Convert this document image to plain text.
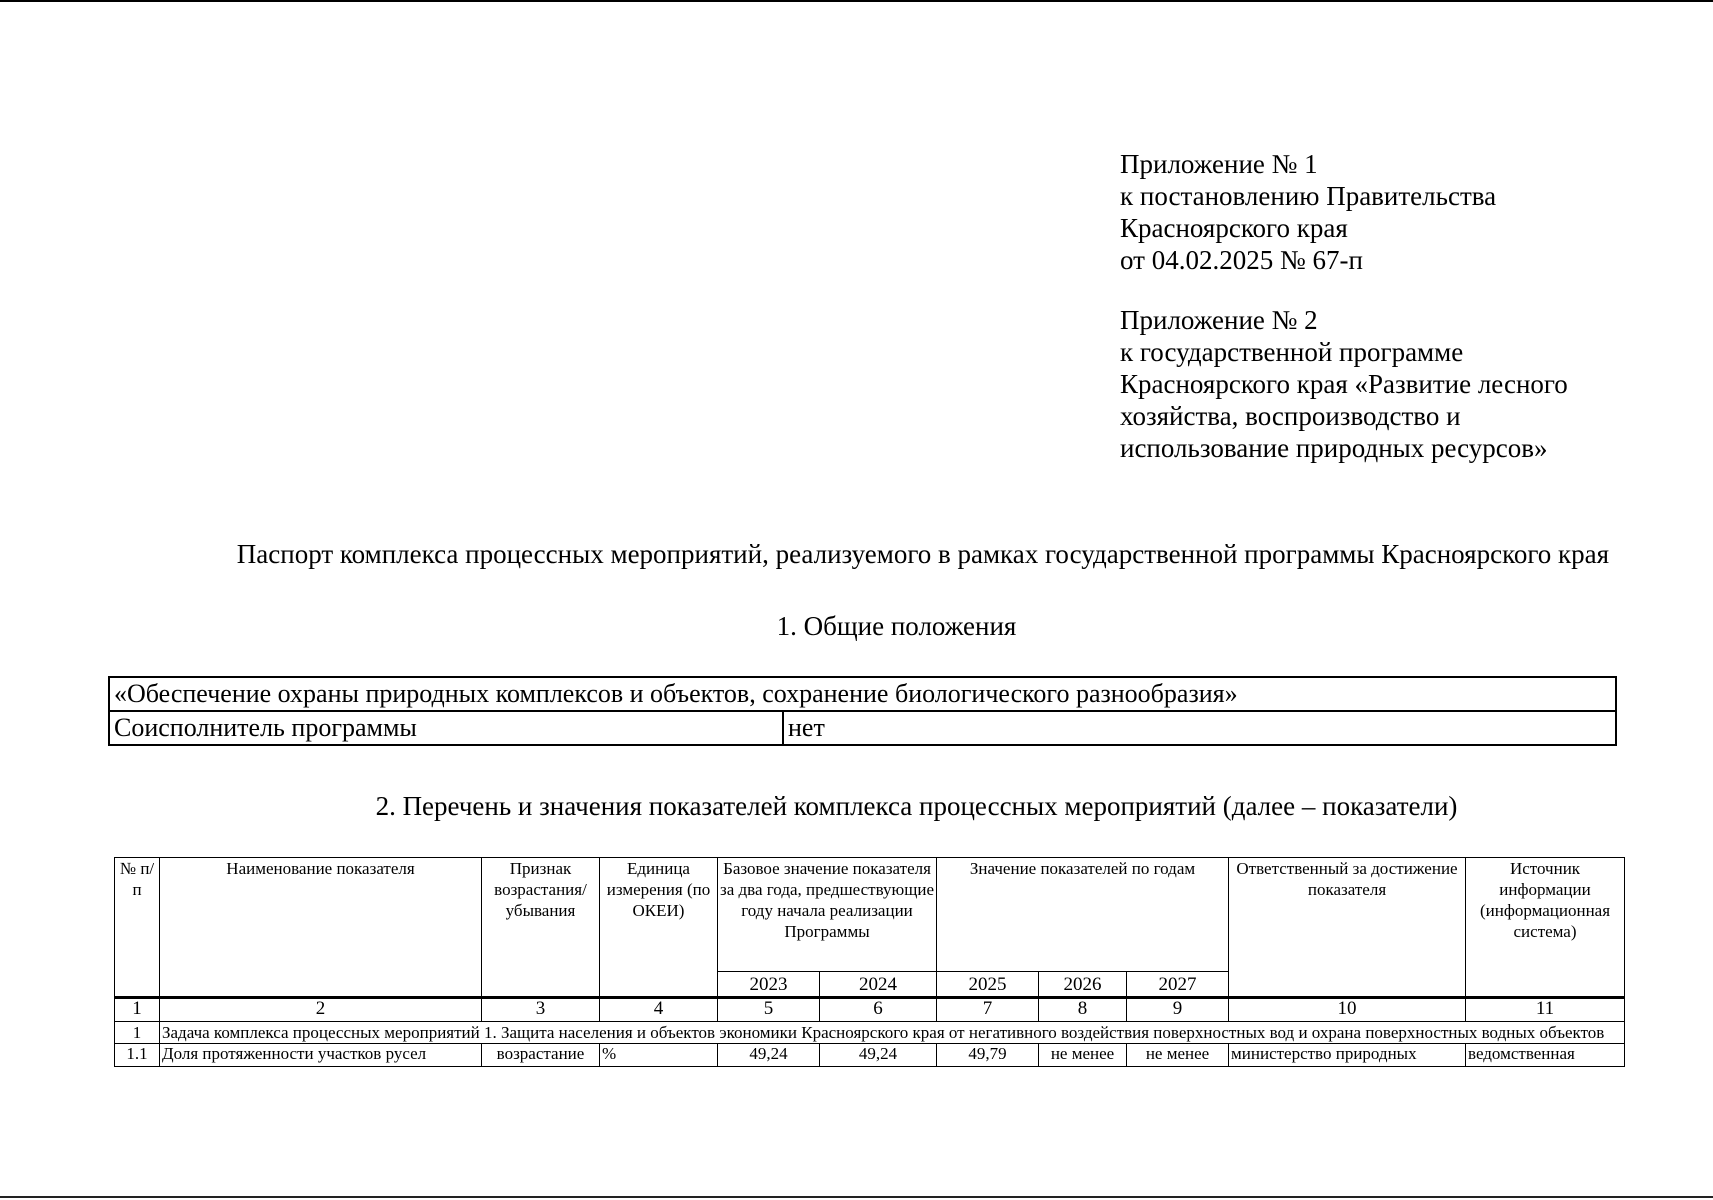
Приложение № 1
к постановлению Правительства
Красноярского края
от 04.02.2025 № 67-п
Приложение № 2
к государственной программе
Красноярского края «Развитие лесного
хозяйства, воспроизводство и
использование природных ресурсов»
Паспорт комплекса процессных мероприятий, реализуемого в рамках государственной программы Красноярского края
1. Общие положения
«Обеспечение охраны природных комплексов и объектов, сохранение биологического разнообразия»
Соисполнитель программы	нет
2. Перечень и значения показателей комплекса процессных мероприятий (далее – показатели)
№ п/п	Наименование показателя	Признак возрастания/ убывания	Единица измерения (по ОКЕИ)	Базовое значение показателя за два года, предшествующие году начала реализации Программы		Значение показателей по годам			Ответственный за достижение показателя	Источник информации (информационная система)
				2023	2024	2025	2026	2027		
1	2	3	4	5	6	7	8	9	10	11
1	Задача комплекса процессных мероприятий 1. Защита населения и объектов экономики Красноярского края от негативного воздействия поверхностных вод и охрана поверхностных водных объектов									
1.1	Доля протяженности участков русел	возрастание	%	49,24	49,24	49,79	не менее	не менее	министерство природных	ведомственная
